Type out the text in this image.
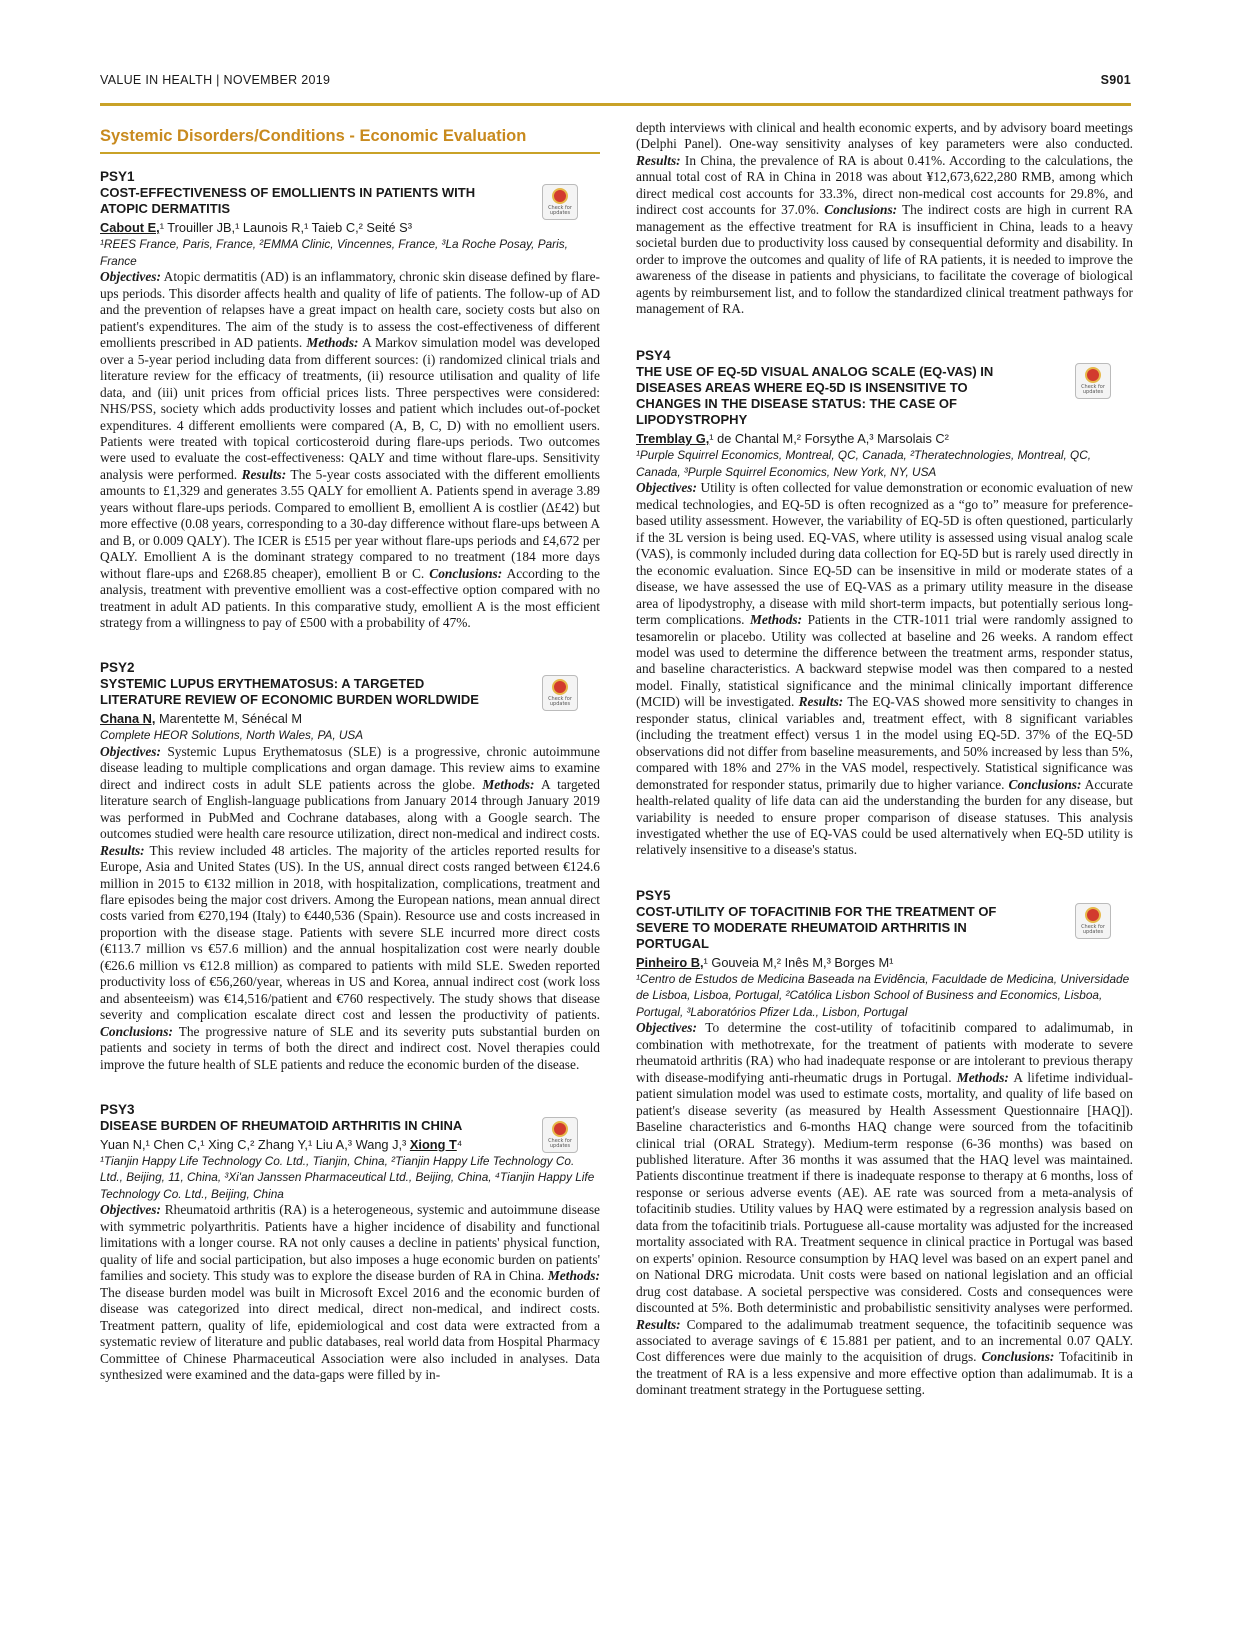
VALUE IN HEALTH | NOVEMBER 2019	S901
Systemic Disorders/Conditions - Economic Evaluation
Check for updates

PSY1

COST-EFFECTIVENESS OF EMOLLIENTS IN PATIENTS WITH ATOPIC DERMATITIS

Cabout E,¹ Trouiller JB,¹ Launois R,¹ Taieb C,² Seité S³
¹REES France, Paris, France, ²EMMA Clinic, Vincennes, France, ³La Roche Posay, Paris, France
Objectives: Atopic dermatitis (AD) is an inflammatory, chronic skin disease defined by flare-ups periods. This disorder affects health and quality of life of patients. The follow-up of AD and the prevention of relapses have a great impact on health care, society costs but also on patient's expenditures. The aim of the study is to assess the cost-effectiveness of different emollients prescribed in AD patients. Methods: A Markov simulation model was developed over a 5-year period including data from different sources: (i) randomized clinical trials and literature review for the efficacy of treatments, (ii) resource utilisation and quality of life data, and (iii) unit prices from official prices lists. Three perspectives were considered: NHS/PSS, society which adds productivity losses and patient which includes out-of-pocket expenditures. 4 different emollients were compared (A, B, C, D) with no emollient users. Patients were treated with topical corticosteroid during flare-ups periods. Two outcomes were used to evaluate the cost-effectiveness: QALY and time without flare-ups. Sensitivity analysis were performed. Results: The 5-year costs associated with the different emollients amounts to £1,329 and generates 3.55 QALY for emollient A. Patients spend in average 3.89 years without flare-ups periods. Compared to emollient B, emollient A is costlier (Δ£42) but more effective (0.08 years, corresponding to a 30-day difference without flare-ups between A and B, or 0.009 QALY). The ICER is £515 per year without flare-ups periods and £4,672 per QALY. Emollient A is the dominant strategy compared to no treatment (184 more days without flare-ups and £268.85 cheaper), emollient B or C. Conclusions: According to the analysis, treatment with preventive emollient was a cost-effective option compared with no treatment in adult AD patients. In this comparative study, emollient A is the most efficient strategy from a willingness to pay of £500 with a probability of 47%.
Check for updates

PSY2

SYSTEMIC LUPUS ERYTHEMATOSUS: A TARGETED LITERATURE REVIEW OF ECONOMIC BURDEN WORLDWIDE

Chana N, Marentette M, Sénécal M
Complete HEOR Solutions, North Wales, PA, USA
Objectives: Systemic Lupus Erythematosus (SLE) is a progressive, chronic autoimmune disease leading to multiple complications and organ damage. This review aims to examine direct and indirect costs in adult SLE patients across the globe. Methods: A targeted literature search of English-language publications from January 2014 through January 2019 was performed in PubMed and Cochrane databases, along with a Google search. The outcomes studied were health care resource utilization, direct non-medical and indirect costs. Results: This review included 48 articles. The majority of the articles reported results for Europe, Asia and United States (US). In the US, annual direct costs ranged between €124.6 million in 2015 to €132 million in 2018, with hospitalization, complications, treatment and flare episodes being the major cost drivers. Among the European nations, mean annual direct costs varied from €270,194 (Italy) to €440,536 (Spain). Resource use and costs increased in proportion with the disease stage. Patients with severe SLE incurred more direct costs (€113.7 million vs €57.6 million) and the annual hospitalization cost were nearly double (€26.6 million vs €12.8 million) as compared to patients with mild SLE. Sweden reported productivity loss of €56,260/year, whereas in US and Korea, annual indirect cost (work loss and absenteeism) was €14,516/patient and €760 respectively. The study shows that disease severity and complication escalate direct cost and lessen the productivity of patients. Conclusions: The progressive nature of SLE and its severity puts substantial burden on patients and society in terms of both the direct and indirect cost. Novel therapies could improve the future health of SLE patients and reduce the economic burden of the disease.
Check for updates

PSY3

DISEASE BURDEN OF RHEUMATOID ARTHRITIS IN CHINA

Yuan N,¹ Chen C,¹ Xing C,² Zhang Y,¹ Liu A,³ Wang J,³ Xiong T⁴
¹Tianjin Happy Life Technology Co. Ltd., Tianjin, China, ²Tianjin Happy Life Technology Co. Ltd., Beijing, 11, China, ³Xi'an Janssen Pharmaceutical Ltd., Beijing, China, ⁴Tianjin Happy Life Technology Co. Ltd., Beijing, China
Objectives: Rheumatoid arthritis (RA) is a heterogeneous, systemic and autoimmune disease with symmetric polyarthritis. Patients have a higher incidence of disability and functional limitations with a longer course. RA not only causes a decline in patients' physical function, quality of life and social participation, but also imposes a huge economic burden on patients' families and society. This study was to explore the disease burden of RA in China. Methods: The disease burden model was built in Microsoft Excel 2016 and the economic burden of disease was categorized into direct medical, direct non-medical, and indirect costs. Treatment pattern, quality of life, epidemiological and cost data were extracted from a systematic review of literature and public databases, real world data from Hospital Pharmacy Committee of Chinese Pharmaceutical Association were also included in analyses. Data synthesized were examined and the data-gaps were filled by in-
depth interviews with clinical and health economic experts, and by advisory board meetings (Delphi Panel). One-way sensitivity analyses of key parameters were also conducted. Results: In China, the prevalence of RA is about 0.41%. According to the calculations, the annual total cost of RA in China in 2018 was about ¥12,673,622,280 RMB, among which direct medical cost accounts for 33.3%, direct non-medical cost accounts for 29.8%, and indirect cost accounts for 37.0%. Conclusions: The indirect costs are high in current RA management as the effective treatment for RA is insufficient in China, leads to a heavy societal burden due to productivity loss caused by consequential deformity and disability. In order to improve the outcomes and quality of life of RA patients, it is needed to improve the awareness of the disease in patients and physicians, to facilitate the coverage of biological agents by reimbursement list, and to follow the standardized clinical treatment pathways for management of RA.
Check for updates

PSY4

THE USE OF EQ-5D VISUAL ANALOG SCALE (EQ-VAS) IN DISEASES AREAS WHERE EQ-5D IS INSENSITIVE TO CHANGES IN THE DISEASE STATUS: THE CASE OF LIPODYSTROPHY

Tremblay G,¹ de Chantal M,² Forsythe A,³ Marsolais C²
¹Purple Squirrel Economics, Montreal, QC, Canada, ²Theratechnologies, Montreal, QC, Canada, ³Purple Squirrel Economics, New York, NY, USA
Objectives: Utility is often collected for value demonstration or economic evaluation of new medical technologies, and EQ-5D is often recognized as a “go to” measure for preference-based utility assessment. However, the variability of EQ-5D is often questioned, particularly if the 3L version is being used. EQ-VAS, where utility is assessed using visual analog scale (VAS), is commonly included during data collection for EQ-5D but is rarely used directly in the economic evaluation. Since EQ-5D can be insensitive in mild or moderate states of a disease, we have assessed the use of EQ-VAS as a primary utility measure in the disease area of lipodystrophy, a disease with mild short-term impacts, but potentially serious long-term complications. Methods: Patients in the CTR-1011 trial were randomly assigned to tesamorelin or placebo. Utility was collected at baseline and 26 weeks. A random effect model was used to determine the difference between the treatment arms, responder status, and baseline characteristics. A backward stepwise model was then compared to a nested model. Finally, statistical significance and the minimal clinically important difference (MCID) will be investigated. Results: The EQ-VAS showed more sensitivity to changes in responder status, clinical variables and, treatment effect, with 8 significant variables (including the treatment effect) versus 1 in the model using EQ-5D. 37% of the EQ-5D observations did not differ from baseline measurements, and 50% increased by less than 5%, compared with 18% and 27% in the VAS model, respectively. Statistical significance was demonstrated for responder status, primarily due to higher variance. Conclusions: Accurate health-related quality of life data can aid the understanding the burden for any disease, but variability is needed to ensure proper comparison of disease statuses. This analysis investigated whether the use of EQ-VAS could be used alternatively when EQ-5D utility is relatively insensitive to a disease's status.
Check for updates

PSY5

COST-UTILITY OF TOFACITINIB FOR THE TREATMENT OF SEVERE TO MODERATE RHEUMATOID ARTHRITIS IN PORTUGAL

Pinheiro B,¹ Gouveia M,² Inês M,³ Borges M¹
¹Centro de Estudos de Medicina Baseada na Evidência, Faculdade de Medicina, Universidade de Lisboa, Lisboa, Portugal, ²Católica Lisbon School of Business and Economics, Lisboa, Portugal, ³Laboratórios Pfizer Lda., Lisbon, Portugal
Objectives: To determine the cost-utility of tofacitinib compared to adalimumab, in combination with methotrexate, for the treatment of patients with moderate to severe rheumatoid arthritis (RA) who had inadequate response or are intolerant to previous therapy with disease-modifying anti-rheumatic drugs in Portugal. Methods: A lifetime individual-patient simulation model was used to estimate costs, mortality, and quality of life based on patient's disease severity (as measured by Health Assessment Questionnaire [HAQ]). Baseline characteristics and 6-months HAQ change were sourced from the tofacitinib clinical trial (ORAL Strategy). Medium-term response (6-36 months) was based on published literature. After 36 months it was assumed that the HAQ level was maintained. Patients discontinue treatment if there is inadequate response to therapy at 6 months, loss of response or serious adverse events (AE). AE rate was sourced from a meta-analysis of tofacitinib studies. Utility values by HAQ were estimated by a regression analysis based on data from the tofacitinib trials. Portuguese all-cause mortality was adjusted for the increased mortality associated with RA. Treatment sequence in clinical practice in Portugal was based on experts' opinion. Resource consumption by HAQ level was based on an expert panel and on National DRG microdata. Unit costs were based on national legislation and an official drug cost database. A societal perspective was considered. Costs and consequences were discounted at 5%. Both deterministic and probabilistic sensitivity analyses were performed. Results: Compared to the adalimumab treatment sequence, the tofacitinib sequence was associated to average savings of € 15.881 per patient, and to an incremental 0.07 QALY. Cost differences were due mainly to the acquisition of drugs. Conclusions: Tofacitinib in the treatment of RA is a less expensive and more effective option than adalimumab. It is a dominant treatment strategy in the Portuguese setting.
